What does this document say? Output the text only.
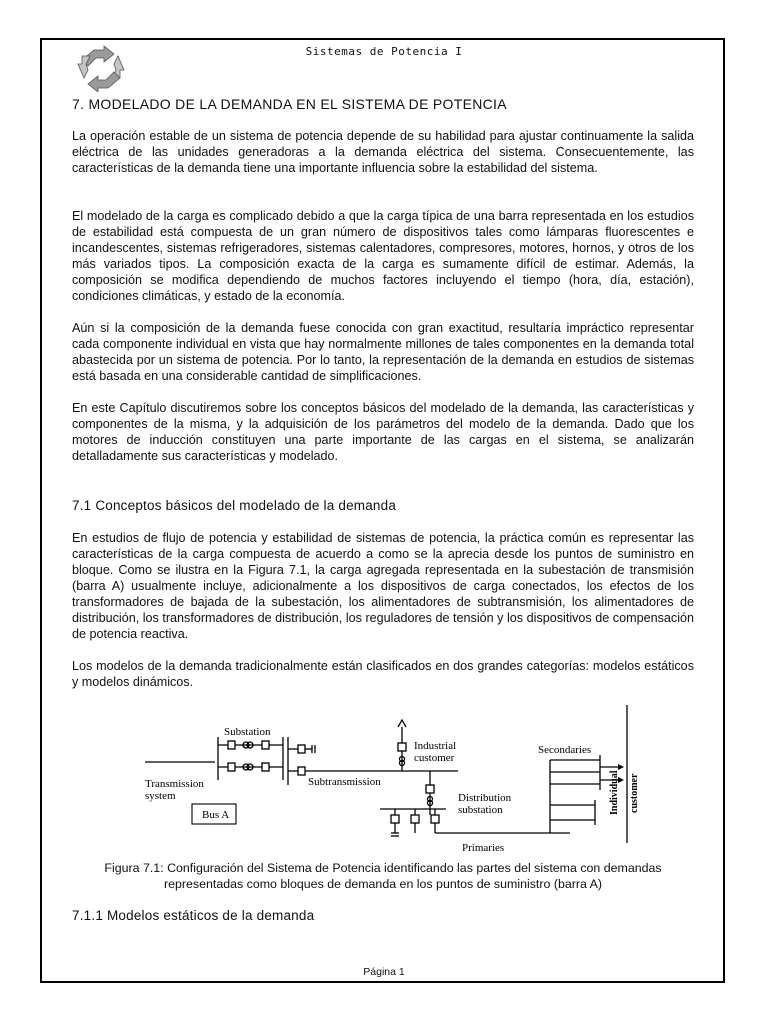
Sistemas de Potencia I
7. MODELADO DE LA DEMANDA EN EL SISTEMA DE POTENCIA
La operación estable de un sistema de potencia depende de su habilidad para ajustar continuamente la salida eléctrica de las unidades generadoras a la demanda eléctrica del sistema. Consecuentemente, las características de la demanda tiene una importante influencia sobre la estabilidad del sistema.
El modelado de la carga es complicado debido a que la carga típica de una barra representada en los estudios de estabilidad está compuesta de un gran número de dispositivos tales como lámparas fluorescentes e incandescentes, sistemas refrigeradores, sistemas calentadores, compresores, motores, hornos, y otros de los más variados tipos. La composición exacta de la carga es sumamente difícil de estimar. Además, la composición se modifica dependiendo de muchos factores incluyendo el tiempo (hora, día, estación), condiciones climáticas, y estado de la economía.
Aún si la composición de la demanda fuese conocida con gran exactitud, resultaría impráctico representar cada componente individual en vista que hay normalmente millones de tales componentes en la demanda total abastecida por un sistema de potencia. Por lo tanto, la representación de la demanda en estudios de sistemas está basada en una considerable cantidad de simplificaciones.
En este Capítulo discutiremos sobre los conceptos básicos del modelado de la demanda, las características y componentes de la misma, y la adquisición de los parámetros del modelo de la demanda. Dado que los motores de inducción constituyen una parte importante de las cargas en el sistema, se analizarán detalladamente sus características y modelado.
7.1 Conceptos básicos del modelado de la demanda
En estudios de flujo de potencia y estabilidad de sistemas de potencia, la práctica común es representar las características de la carga compuesta de acuerdo a como se la aprecia desde los puntos de suministro en bloque. Como se ilustra en la Figura 7.1, la carga agregada representada en la subestación de transmisión (barra A) usualmente incluye, adicionalmente a los dispositivos de carga conectados, los efectos de los transformadores de bajada de la subestación, los alimentadores de subtransmisión, los alimentadores de distribución, los transformadores de distribución, los reguladores de tensión y los dispositivos de compensación de potencia reactiva.
Los modelos de la demanda tradicionalmente están clasificados en dos grandes categorías: modelos estáticos y modelos dinámicos.
Substation
Industrial
customer
Secondaries
Transmission
system
Subtransmission
Distribution
substation
Bus A
Primaries
Individual customer
Figura 7.1: Configuración del Sistema de Potencia identificando las partes del sistema con demandas representadas como bloques de demanda en los puntos de suministro (barra A)
7.1.1 Modelos estáticos de la demanda
Página 1
